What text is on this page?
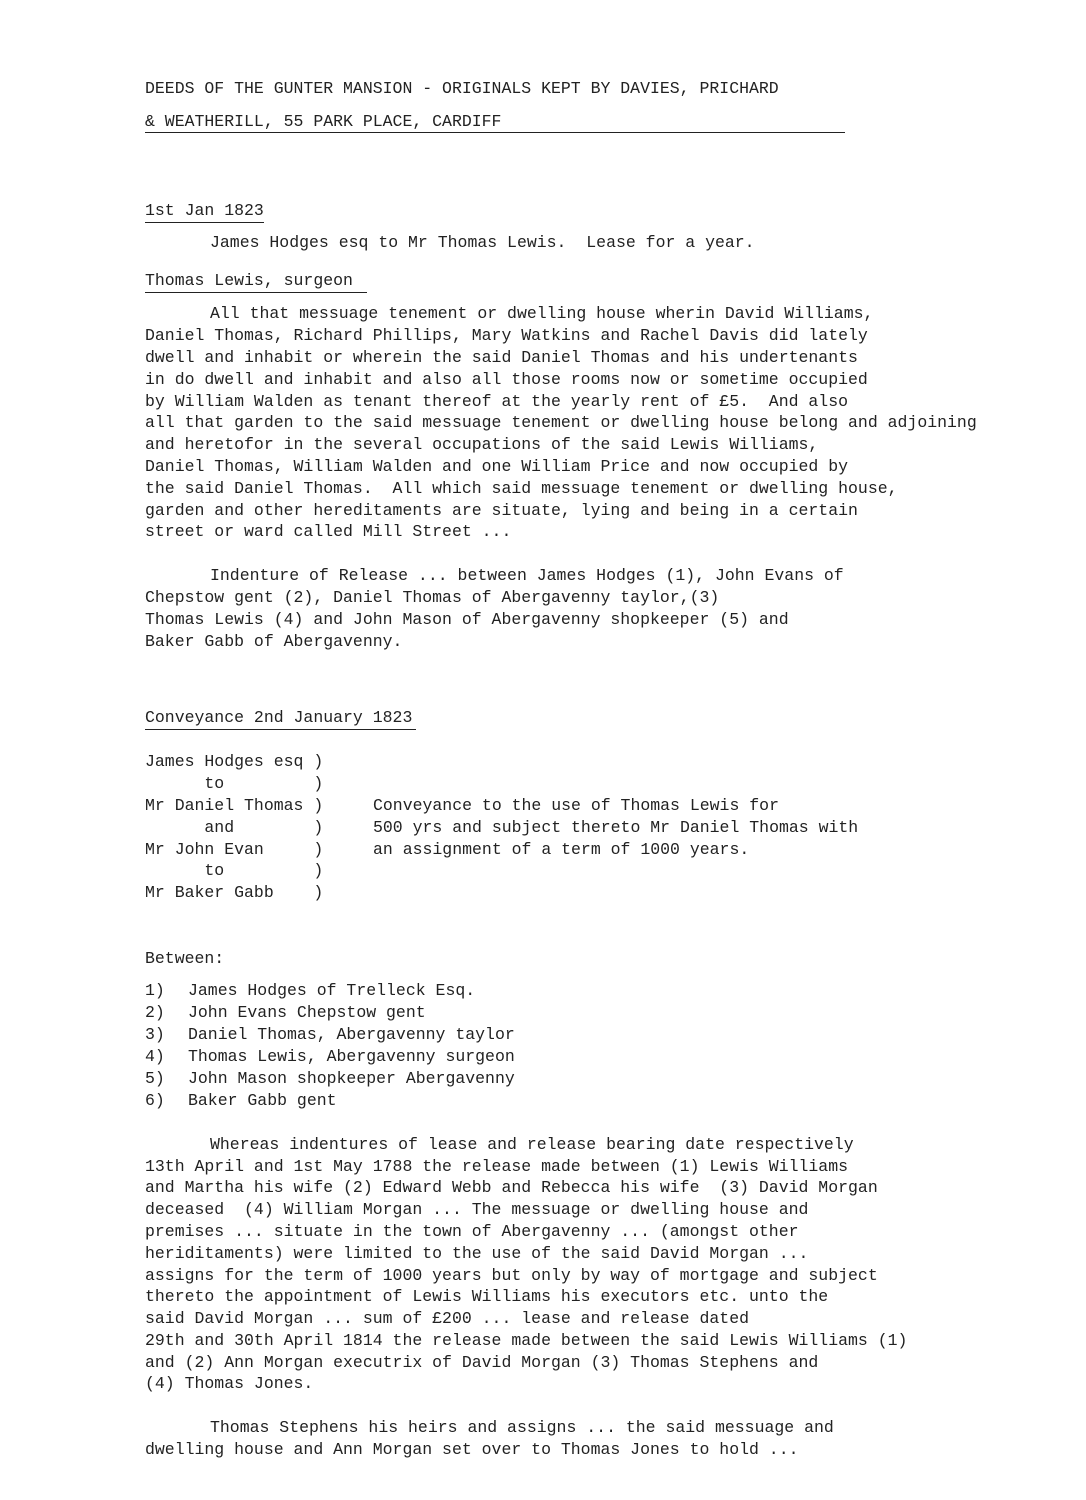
DEEDS OF THE GUNTER MANSION - ORIGINALS KEPT BY DAVIES, PRICHARD
& WEATHERILL, 55 PARK PLACE, CARDIFF
1st Jan 1823
James Hodges esq to Mr Thomas Lewis.  Lease for a year.
Thomas Lewis, surgeon
All that messuage tenement or dwelling house wherin David Williams,
Daniel Thomas, Richard Phillips, Mary Watkins and Rachel Davis did lately
dwell and inhabit or wherein the said Daniel Thomas and his undertenants
in do dwell and inhabit and also all those rooms now or sometime occupied
by William Walden as tenant thereof at the yearly rent of £5.  And also
all that garden to the said messuage tenement or dwelling house belong and adjoining
and heretofor in the several occupations of the said Lewis Williams,
Daniel Thomas, William Walden and one William Price and now occupied by
the said Daniel Thomas.  All which said messuage tenement or dwelling house,
garden and other hereditaments are situate, lying and being in a certain
street or ward called Mill Street ...
Indenture of Release ... between James Hodges (1), John Evans of
Chepstow gent (2), Daniel Thomas of Abergavenny taylor,(3)
Thomas Lewis (4) and John Mason of Abergavenny shopkeeper (5) and
Baker Gabb of Abergavenny.
Conveyance 2nd January 1823
James Hodges esq )
to         )
Mr Daniel Thomas )	Conveyance to the use of Thomas Lewis for
and        )	500 yrs and subject thereto Mr Daniel Thomas with
Mr John Evan     )	an assignment of a term of 1000 years.
to         )
Mr Baker Gabb    )
Between:
1)	James Hodges of Trelleck Esq.
2)	John Evans Chepstow gent
3)	Daniel Thomas, Abergavenny taylor
4)	Thomas Lewis, Abergavenny surgeon
5)	John Mason shopkeeper Abergavenny
6)	Baker Gabb gent
Whereas indentures of lease and release bearing date respectively
13th April and 1st May 1788 the release made between (1) Lewis Williams
and Martha his wife (2) Edward Webb and Rebecca his wife  (3) David Morgan
deceased  (4) William Morgan ... The messuage or dwelling house and
premises ... situate in the town of Abergavenny ... (amongst other
heriditaments) were limited to the use of the said David Morgan ...
assigns for the term of 1000 years but only by way of mortgage and subject
thereto the appointment of Lewis Williams his executors etc. unto the
said David Morgan ... sum of £200 ... lease and release dated
29th and 30th April 1814 the release made between the said Lewis Williams (1)
and (2) Ann Morgan executrix of David Morgan (3) Thomas Stephens and
(4) Thomas Jones.
Thomas Stephens his heirs and assigns ... the said messuage and
dwelling house and Ann Morgan set over to Thomas Jones to hold ...
